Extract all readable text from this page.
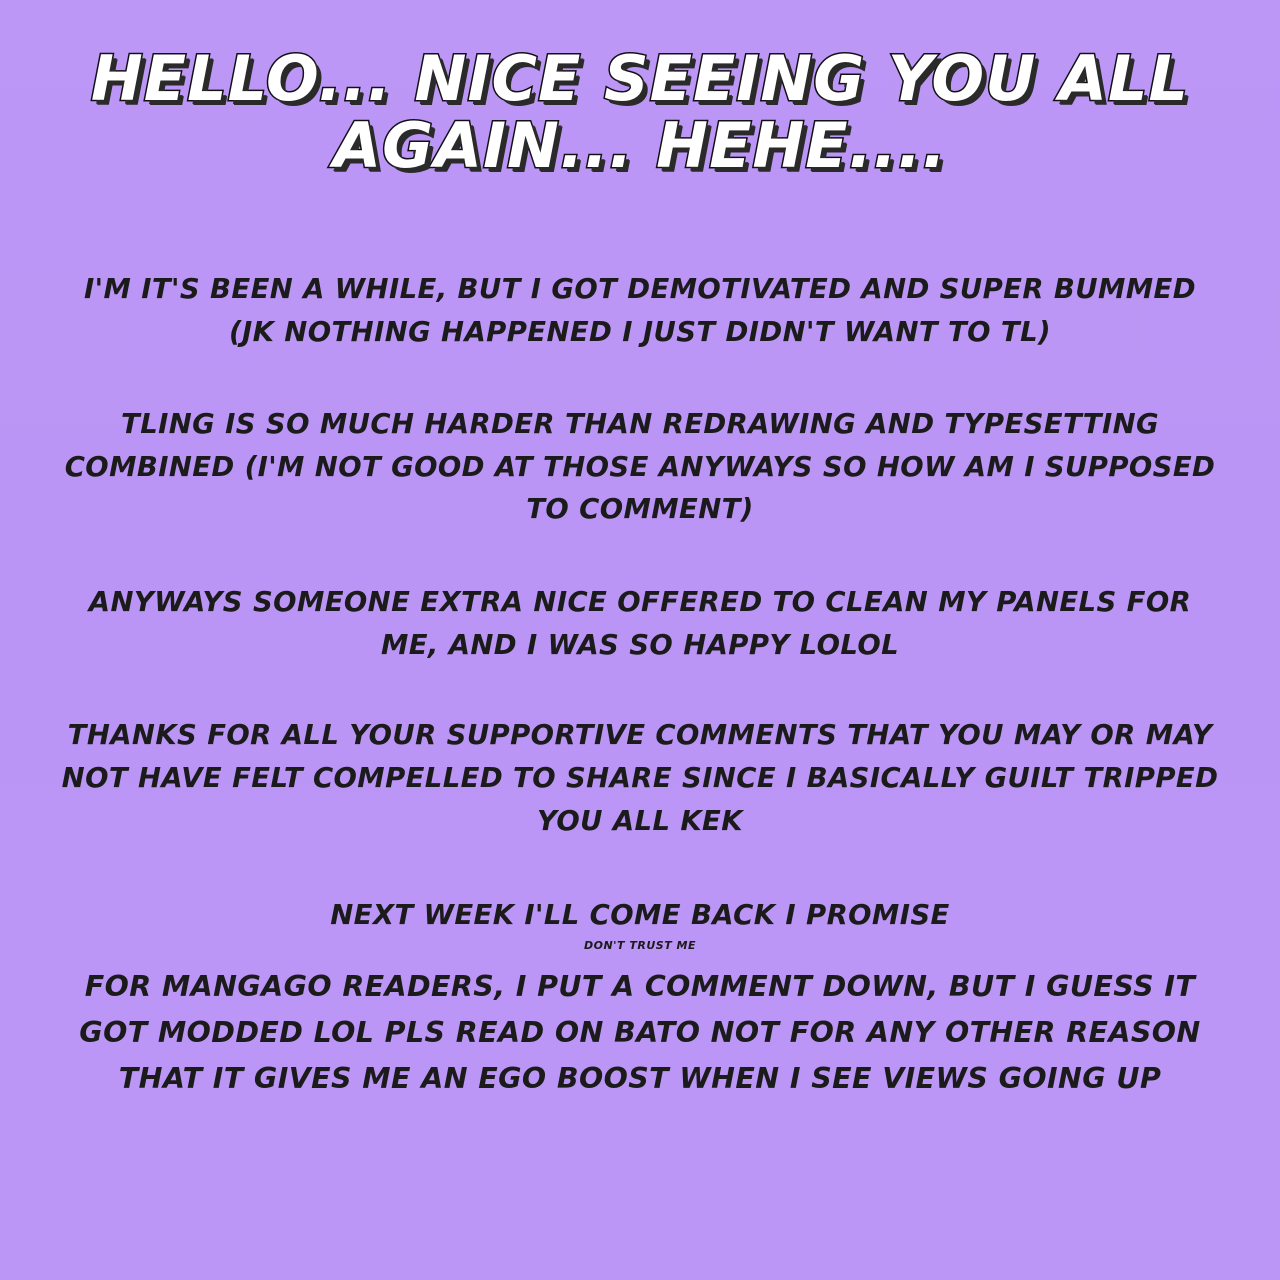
HELLO... NICE SEEING YOU ALL AGAIN... HEHE....

I'M IT'S BEEN A WHILE, BUT I GOT DEMOTIVATED AND SUPER BUMMED (JK NOTHING HAPPENED I JUST DIDN'T WANT TO TL)

TLING IS SO MUCH HARDER THAN REDRAWING AND TYPESETTING COMBINED (I'M NOT GOOD AT THOSE ANYWAYS SO HOW AM I SUPPOSED TO COMMENT)

ANYWAYS SOMEONE EXTRA NICE OFFERED TO CLEAN MY PANELS FOR ME, AND I WAS SO HAPPY LOLOL

THANKS FOR ALL YOUR SUPPORTIVE COMMENTS THAT YOU MAY OR MAY NOT HAVE FELT COMPELLED TO SHARE SINCE I BASICALLY GUILT TRIPPED YOU ALL KEK

NEXT WEEK I'LL COME BACK I PROMISE

DON'T TRUST ME

FOR MANGAGO READERS, I PUT A COMMENT DOWN, BUT I GUESS IT GOT MODDED LOL PLS READ ON BATO NOT FOR ANY OTHER REASON THAT IT GIVES ME AN EGO BOOST WHEN I SEE VIEWS GOING UP
